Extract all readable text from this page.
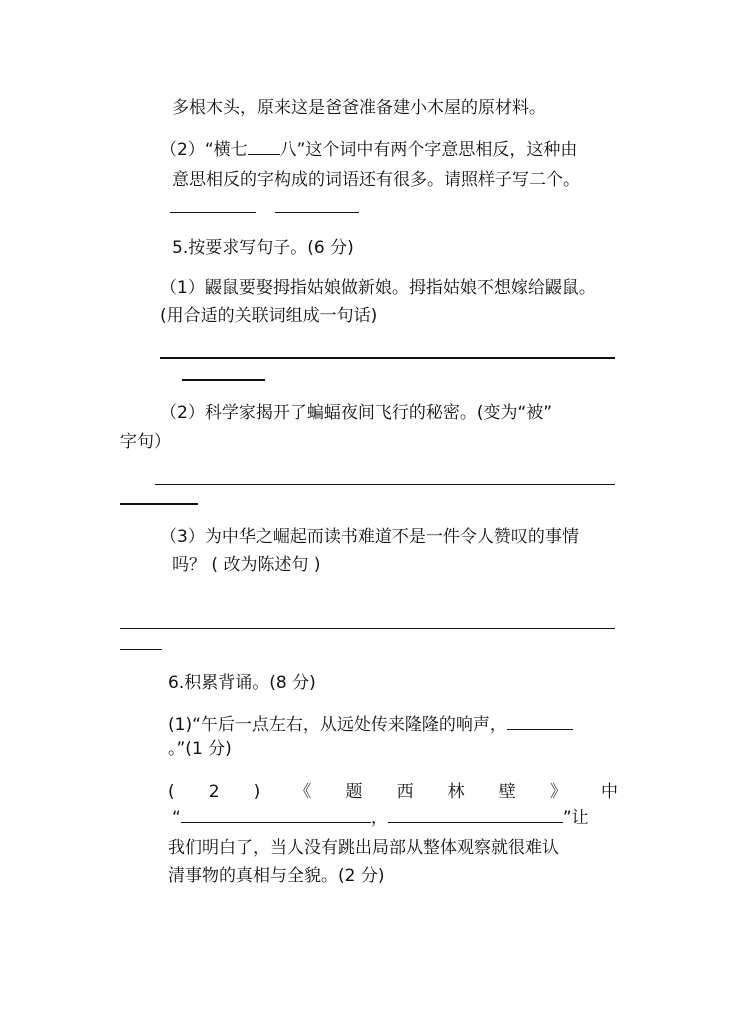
多根木头，原来这是爸爸准备建小木屋的原材料。
（2）“横七 八”这个词中有两个字意思相反，这种由
意思相反的字构成的词语还有很多。请照样子写二个。
5.按要求写句子。(6 分)
（1）鼹鼠要娶拇指姑娘做新娘。拇指姑娘不想嫁给鼹鼠。
(用合适的关联词组成一句话)
（2）科学家揭开了蝙蝠夜间飞行的秘密。(变为“被”
字句）
（3）为中华之崛起而读书难道不是一件令人赞叹的事情
吗？ ( 改为陈述句 )
6.积累背诵。(8 分)
(1)“午后一点左右，从远处传来隆隆的响声，
。”(1 分)
( 2 ) 《 题 西 林 壁 》 中
“	，	”让
我们明白了，当人没有跳出局部从整体观察就很难认
清事物的真相与全貌。(2 分)
